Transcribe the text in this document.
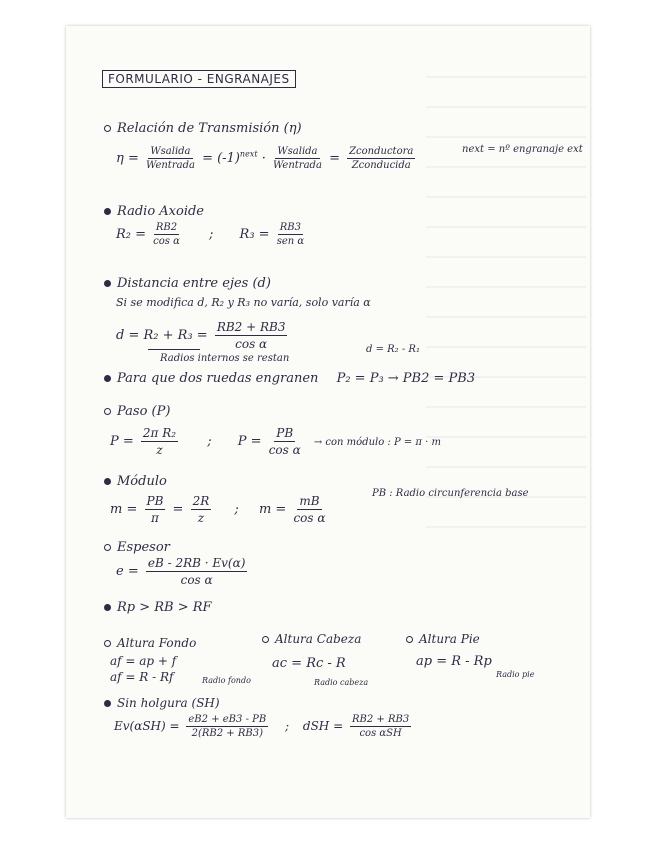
FORMULARIO - ENGRANAJES
Relación de Transmisión (η)
$\eta = \frac{\text{Wsalida}}{\text{Wentrada}} = (-1)^{next} \cdot \frac{\text{Wsalida}}{\text{Wentrada}} = \frac{\text{Zconductora}}{\text{Zconducida}}$	next = nº engranaje ext
Radio Axoide
$R_2 = \frac{RB2}{\text{cos α}}$ ; $R_3 = \frac{RB3}{\text{sen α}}$
Distancia entre ejes (d)
Si se modifica d, R₂ y R₃ no varía, solo varía α
$d = R_2 + R_3 = \frac{RB2 + RB3}{\text{cos α}}$
Radios internos se restan
d = R₂ - R₁
Para que dos ruedas engranen P₂ = P₃ → PB2 = PB3
Paso (P)
$P = \frac{\text{2π R₂}}{z}$ ; $P = \frac{PB}{\text{cos α}}$ → con módulo : P = π · m
Módulo
$m = \frac{PB}{\pi} = \frac{2R}{z}$ ; $m = \frac{mB}{\text{cos α}}$
PB : Radio circunferencia base
Espesor
$e = \frac{eB - 2RB \cdot Ev(\alpha)}{\text{cos α}}$
Rp > RB > RF
Altura Fondo
af = ap + f
af = R - Rf	Radio fondo
Altura Cabeza
ac = Rc - R
Radio cabeza
Altura Pie
ap = R - Rp
Radio pie
Sin holgura (SH)
$Ev(\alpha SH) = \frac{eB2 + eB3 - PB}{2(RB2 + RB3)}$ ; dSH = $\frac{RB2 + RB3}{\text{cos αSH}}$
